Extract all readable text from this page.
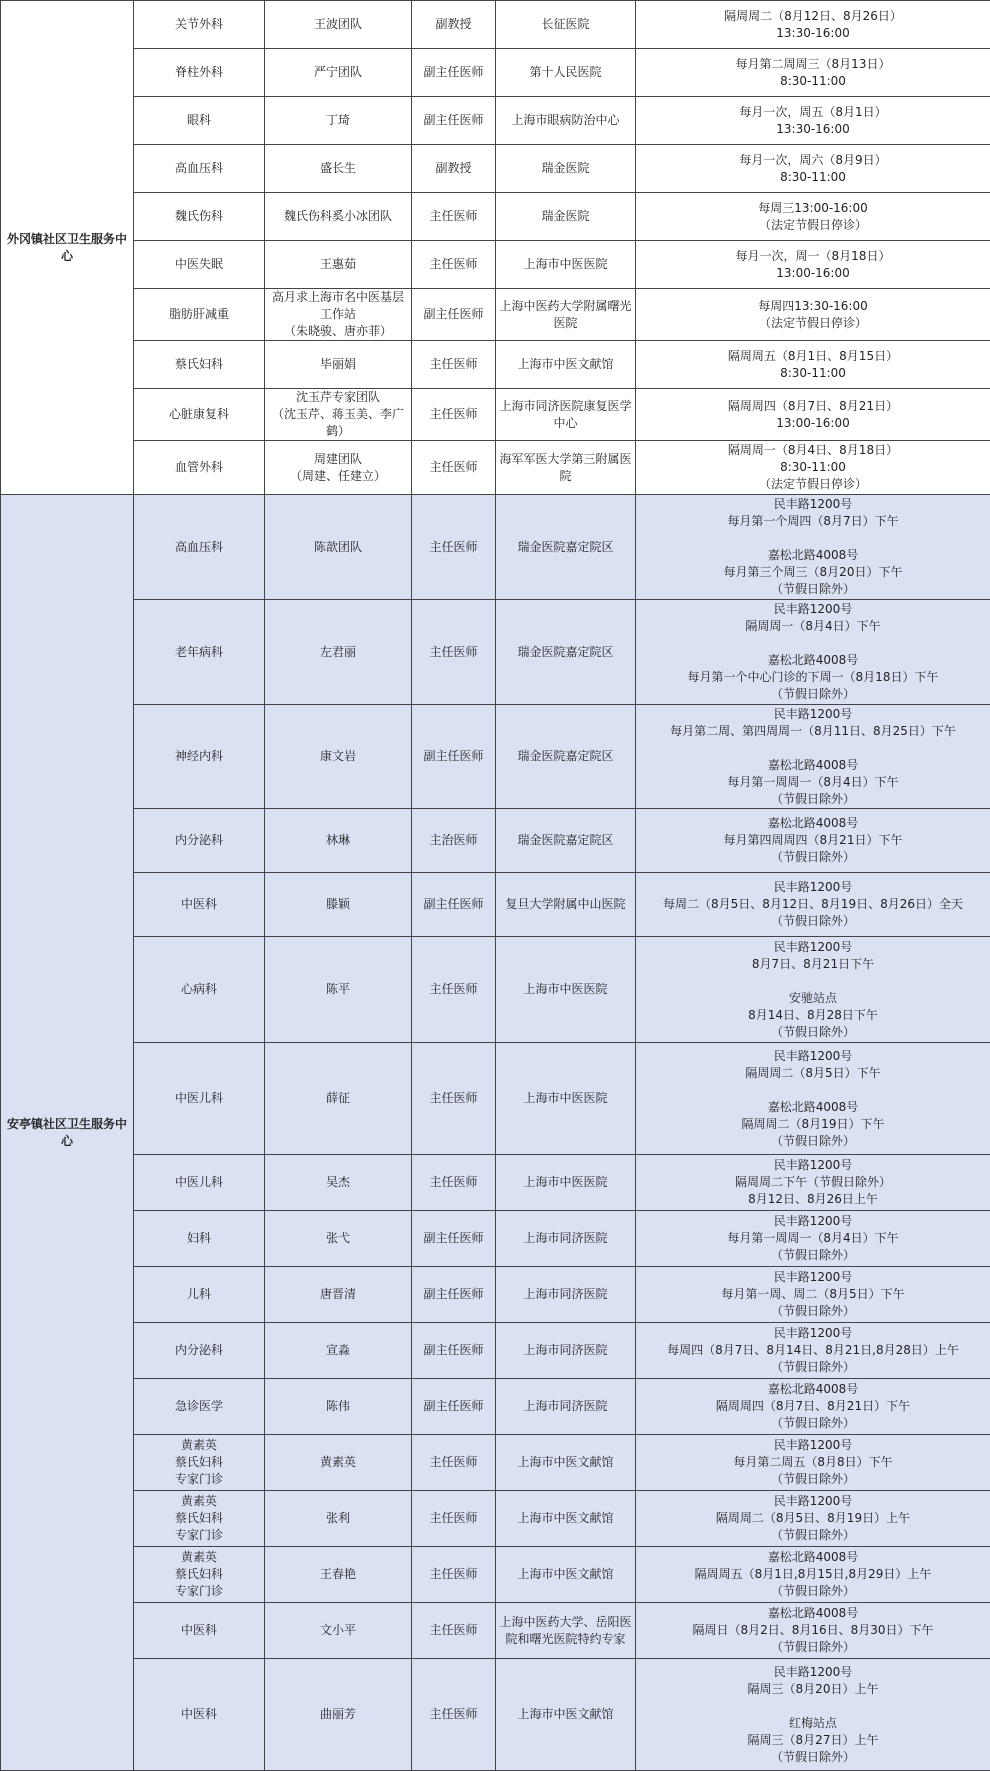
外冈镇社区卫生服务中心	关节外科	王波团队	副教授	长征医院	隔周周二（8月12日、8月26日）
13:30-16:00
	脊柱外科	严宁团队	副主任医师	第十人民医院	每月第二周周三（8月13日）
8:30-11:00
	眼科	丁琦	副主任医师	上海市眼病防治中心	每月一次，周五（8月1日）
13:30-16:00
	高血压科	盛长生	副教授	瑞金医院	每月一次，周六（8月9日）
8:30-11:00
	魏氏伤科	魏氏伤科奚小冰团队	主任医师	瑞金医院	每周三13:00-16:00
（法定节假日停诊）
	中医失眠	王惠茹	主任医师	上海市中医医院	每月一次，周一（8月18日）
13:00-16:00
	脂肪肝减重	高月求上海市名中医基层工作站
（朱晓骏、唐亦菲）	副主任医师	上海中医药大学附属曙光医院	每周四13:30-16:00
（法定节假日停诊）
	蔡氏妇科	毕丽娟	主任医师	上海市中医文献馆	隔周周五（8月1日、8月15日）
8:30-11:00
	心脏康复科	沈玉芹专家团队
（沈玉芹、蒋玉美、李广鹤）	主任医师	上海市同济医院康复医学中心	隔周周四（8月7日、8月21日）
13:00-16:00
	血管外科	周建团队
（周建、任建立）	主任医师	海军军医大学第三附属医院	隔周周一（8月4日、8月18日）
8:30-11:00
（法定节假日停诊）
安亭镇社区卫生服务中心	高血压科	陈歆团队	主任医师	瑞金医院嘉定院区	民丰路1200号
每月第一个周四（8月7日）下午

嘉松北路4008号
每月第三个周三（8月20日）下午
（节假日除外）
	老年病科	左君丽	主任医师	瑞金医院嘉定院区	民丰路1200号
隔周周一（8月4日）下午

嘉松北路4008号
每月第一个中心门诊的下周一（8月18日）下午
（节假日除外）
	神经内科	康文岩	副主任医师	瑞金医院嘉定院区	民丰路1200号
每月第二周、第四周周一（8月11日、8月25日）下午

嘉松北路4008号
每月第一周周一（8月4日）下午
（节假日除外）
	内分泌科	林琳	主治医师	瑞金医院嘉定院区	嘉松北路4008号
每月第四周周四（8月21日）下午
（节假日除外）
	中医科	滕颖	副主任医师	复旦大学附属中山医院	民丰路1200号
每周二（8月5日、8月12日、8月19日、8月26日）全天
（节假日除外）
	心病科	陈平	主任医师	上海市中医医院	民丰路1200号
8月7日、8月21日下午

安驰站点
8月14日、8月28日下午
（节假日除外）
	中医儿科	薛征	主任医师	上海市中医医院	民丰路1200号
隔周周二（8月5日）下午

嘉松北路4008号
隔周周二（8月19日）下午
（节假日除外）
	中医儿科	吴杰	主任医师	上海市中医医院	民丰路1200号
隔周周二下午（节假日除外）
8月12日、8月26日上午
	妇科	张弋	副主任医师	上海市同济医院	民丰路1200号
每月第一周周一（8月4日）下午
（节假日除外）
	儿科	唐晋清	副主任医师	上海市同济医院	民丰路1200号
每月第一周、周二（8月5日）下午
（节假日除外）
	内分泌科	宣淼	副主任医师	上海市同济医院	民丰路1200号
每周四（8月7日、8月14日、8月21日,8月28日）上午
（节假日除外）
	急诊医学	陈伟	副主任医师	上海市同济医院	嘉松北路4008号
隔周周四（8月7日、8月21日）下午
（节假日除外）
	黄素英
蔡氏妇科
专家门诊	黄素英	主任医师	上海市中医文献馆	民丰路1200号
每月第二周五（8月8日）下午
（节假日除外）
	黄素英
蔡氏妇科
专家门诊	张利	主任医师	上海市中医文献馆	民丰路1200号
隔周周二（8月5日、8月19日）上午
（节假日除外）
	黄素英
蔡氏妇科
专家门诊	王春艳	主任医师	上海市中医文献馆	嘉松北路4008号
隔周周五（8月1日,8月15日,8月29日）上午
（节假日除外）
	中医科	文小平	主任医师	上海中医药大学、岳阳医院和曙光医院特约专家	嘉松北路4008号
隔周日（8月2日、8月16日、8月30日）下午
（节假日除外）
	中医科	曲丽芳	主任医师	上海市中医文献馆	民丰路1200号
隔周三（8月20日）上午

红梅站点
隔周三（8月27日）上午
（节假日除外）
